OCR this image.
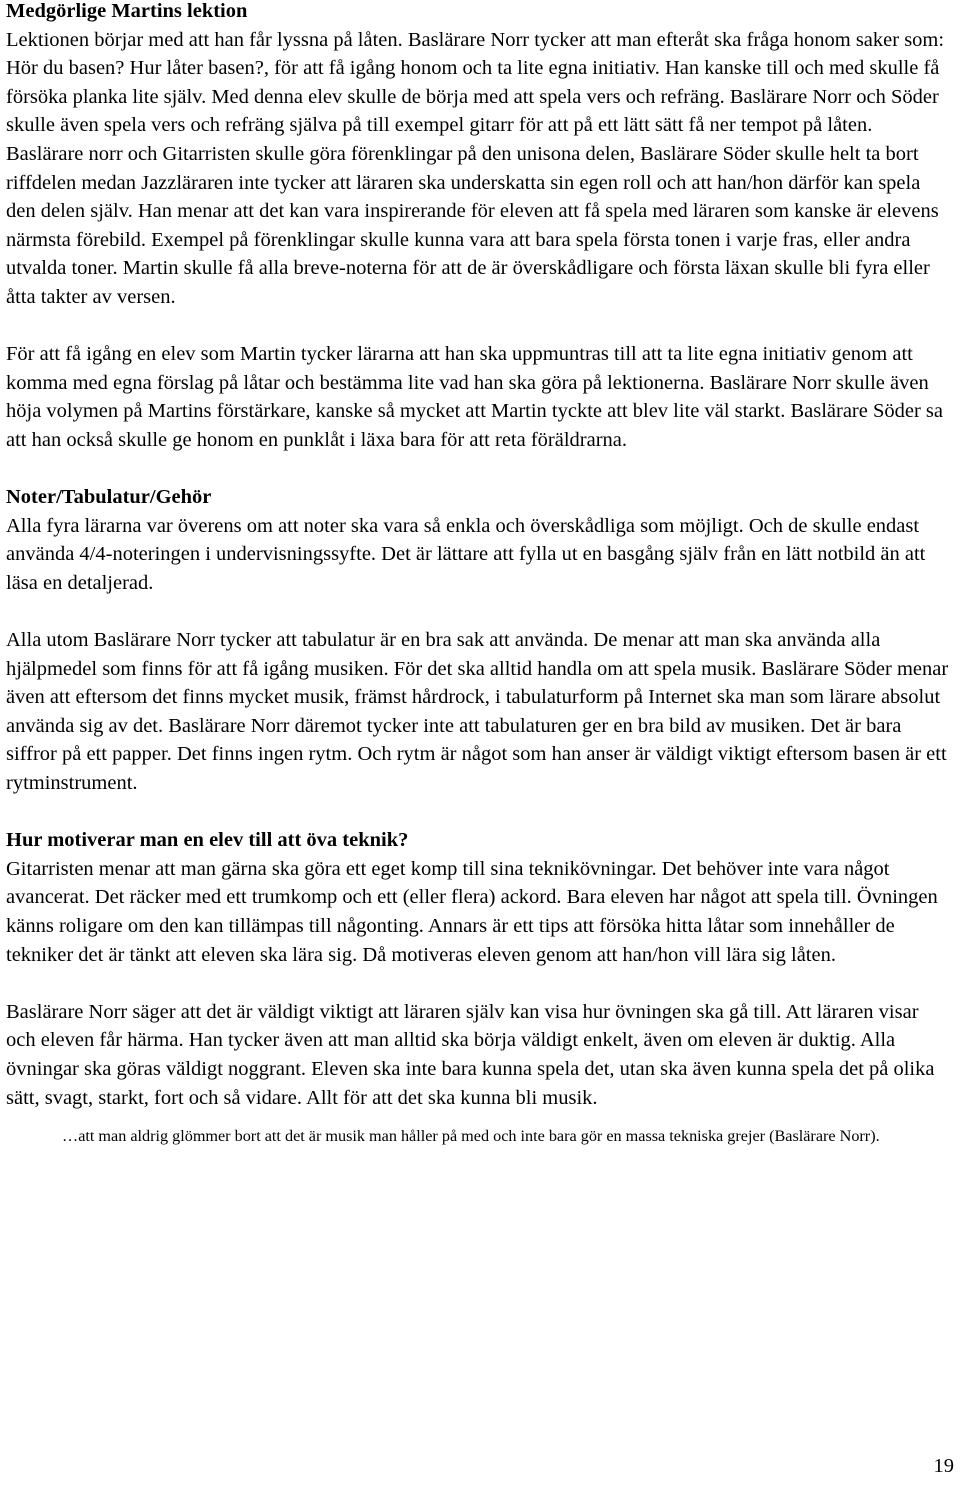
Medgörlige Martins lektion

Lektionen börjar med att han får lyssna på låten. Baslärare Norr tycker att man efteråt ska fråga honom saker som: Hör du basen? Hur låter basen?, för att få igång honom och ta lite egna initiativ. Han kanske till och med skulle få försöka planka lite själv. Med denna elev skulle de börja med att spela vers och refräng. Baslärare Norr och Söder skulle även spela vers och refräng själva på till exempel gitarr för att på ett lätt sätt få ner tempot på låten. Baslärare norr och Gitarristen skulle göra förenklingar på den unisona delen, Baslärare Söder skulle helt ta bort riffdelen medan Jazzläraren inte tycker att läraren ska underskatta sin egen roll och att han/hon därför kan spela den delen själv. Han menar att det kan vara inspirerande för eleven att få spela med läraren som kanske är elevens närmsta förebild. Exempel på förenklingar skulle kunna vara att bara spela första tonen i varje fras, eller andra utvalda toner. Martin skulle få alla breve-noterna för att de är överskådligare och första läxan skulle bli fyra eller åtta takter av versen.

För att få igång en elev som Martin tycker lärarna att han ska uppmuntras till att ta lite egna initiativ genom att komma med egna förslag på låtar och bestämma lite vad han ska göra på lektionerna. Baslärare Norr skulle även höja volymen på Martins förstärkare, kanske så mycket att Martin tyckte att blev lite väl starkt. Baslärare Söder sa att han också skulle ge honom en punklåt i läxa bara för att reta föräldrarna.

Noter/Tabulatur/Gehör

Alla fyra lärarna var överens om att noter ska vara så enkla och överskådliga som möjligt. Och de skulle endast använda 4/4-noteringen i undervisningssyfte. Det är lättare att fylla ut en basgång själv från en lätt notbild än att läsa en detaljerad.

Alla utom Baslärare Norr tycker att tabulatur är en bra sak att använda. De menar att man ska använda alla hjälpmedel som finns för att få igång musiken. För det ska alltid handla om att spela musik. Baslärare Söder menar även att eftersom det finns mycket musik, främst hårdrock, i tabulaturform på Internet ska man som lärare absolut använda sig av det. Baslärare Norr däremot tycker inte att tabulaturen ger en bra bild av musiken. Det är bara siffror på ett papper. Det finns ingen rytm. Och rytm är något som han anser är väldigt viktigt eftersom basen är ett rytminstrument.

Hur motiverar man en elev till att öva teknik?

Gitarristen menar att man gärna ska göra ett eget komp till sina teknikövningar. Det behöver inte vara något avancerat. Det räcker med ett trumkomp och ett (eller flera) ackord. Bara eleven har något att spela till. Övningen känns roligare om den kan tillämpas till någonting. Annars är ett tips att försöka hitta låtar som innehåller de tekniker det är tänkt att eleven ska lära sig. Då motiveras eleven genom att han/hon vill lära sig låten.

Baslärare Norr säger att det är väldigt viktigt att läraren själv kan visa hur övningen ska gå till. Att läraren visar och eleven får härma. Han tycker även att man alltid ska börja väldigt enkelt, även om eleven är duktig. Alla övningar ska göras väldigt noggrant. Eleven ska inte bara kunna spela det, utan ska även kunna spela det på olika sätt, svagt, starkt, fort och så vidare. Allt för att det ska kunna bli musik.

…att man aldrig glömmer bort att det är musik man håller på med och inte bara gör en massa tekniska grejer (Baslärare Norr).

19
